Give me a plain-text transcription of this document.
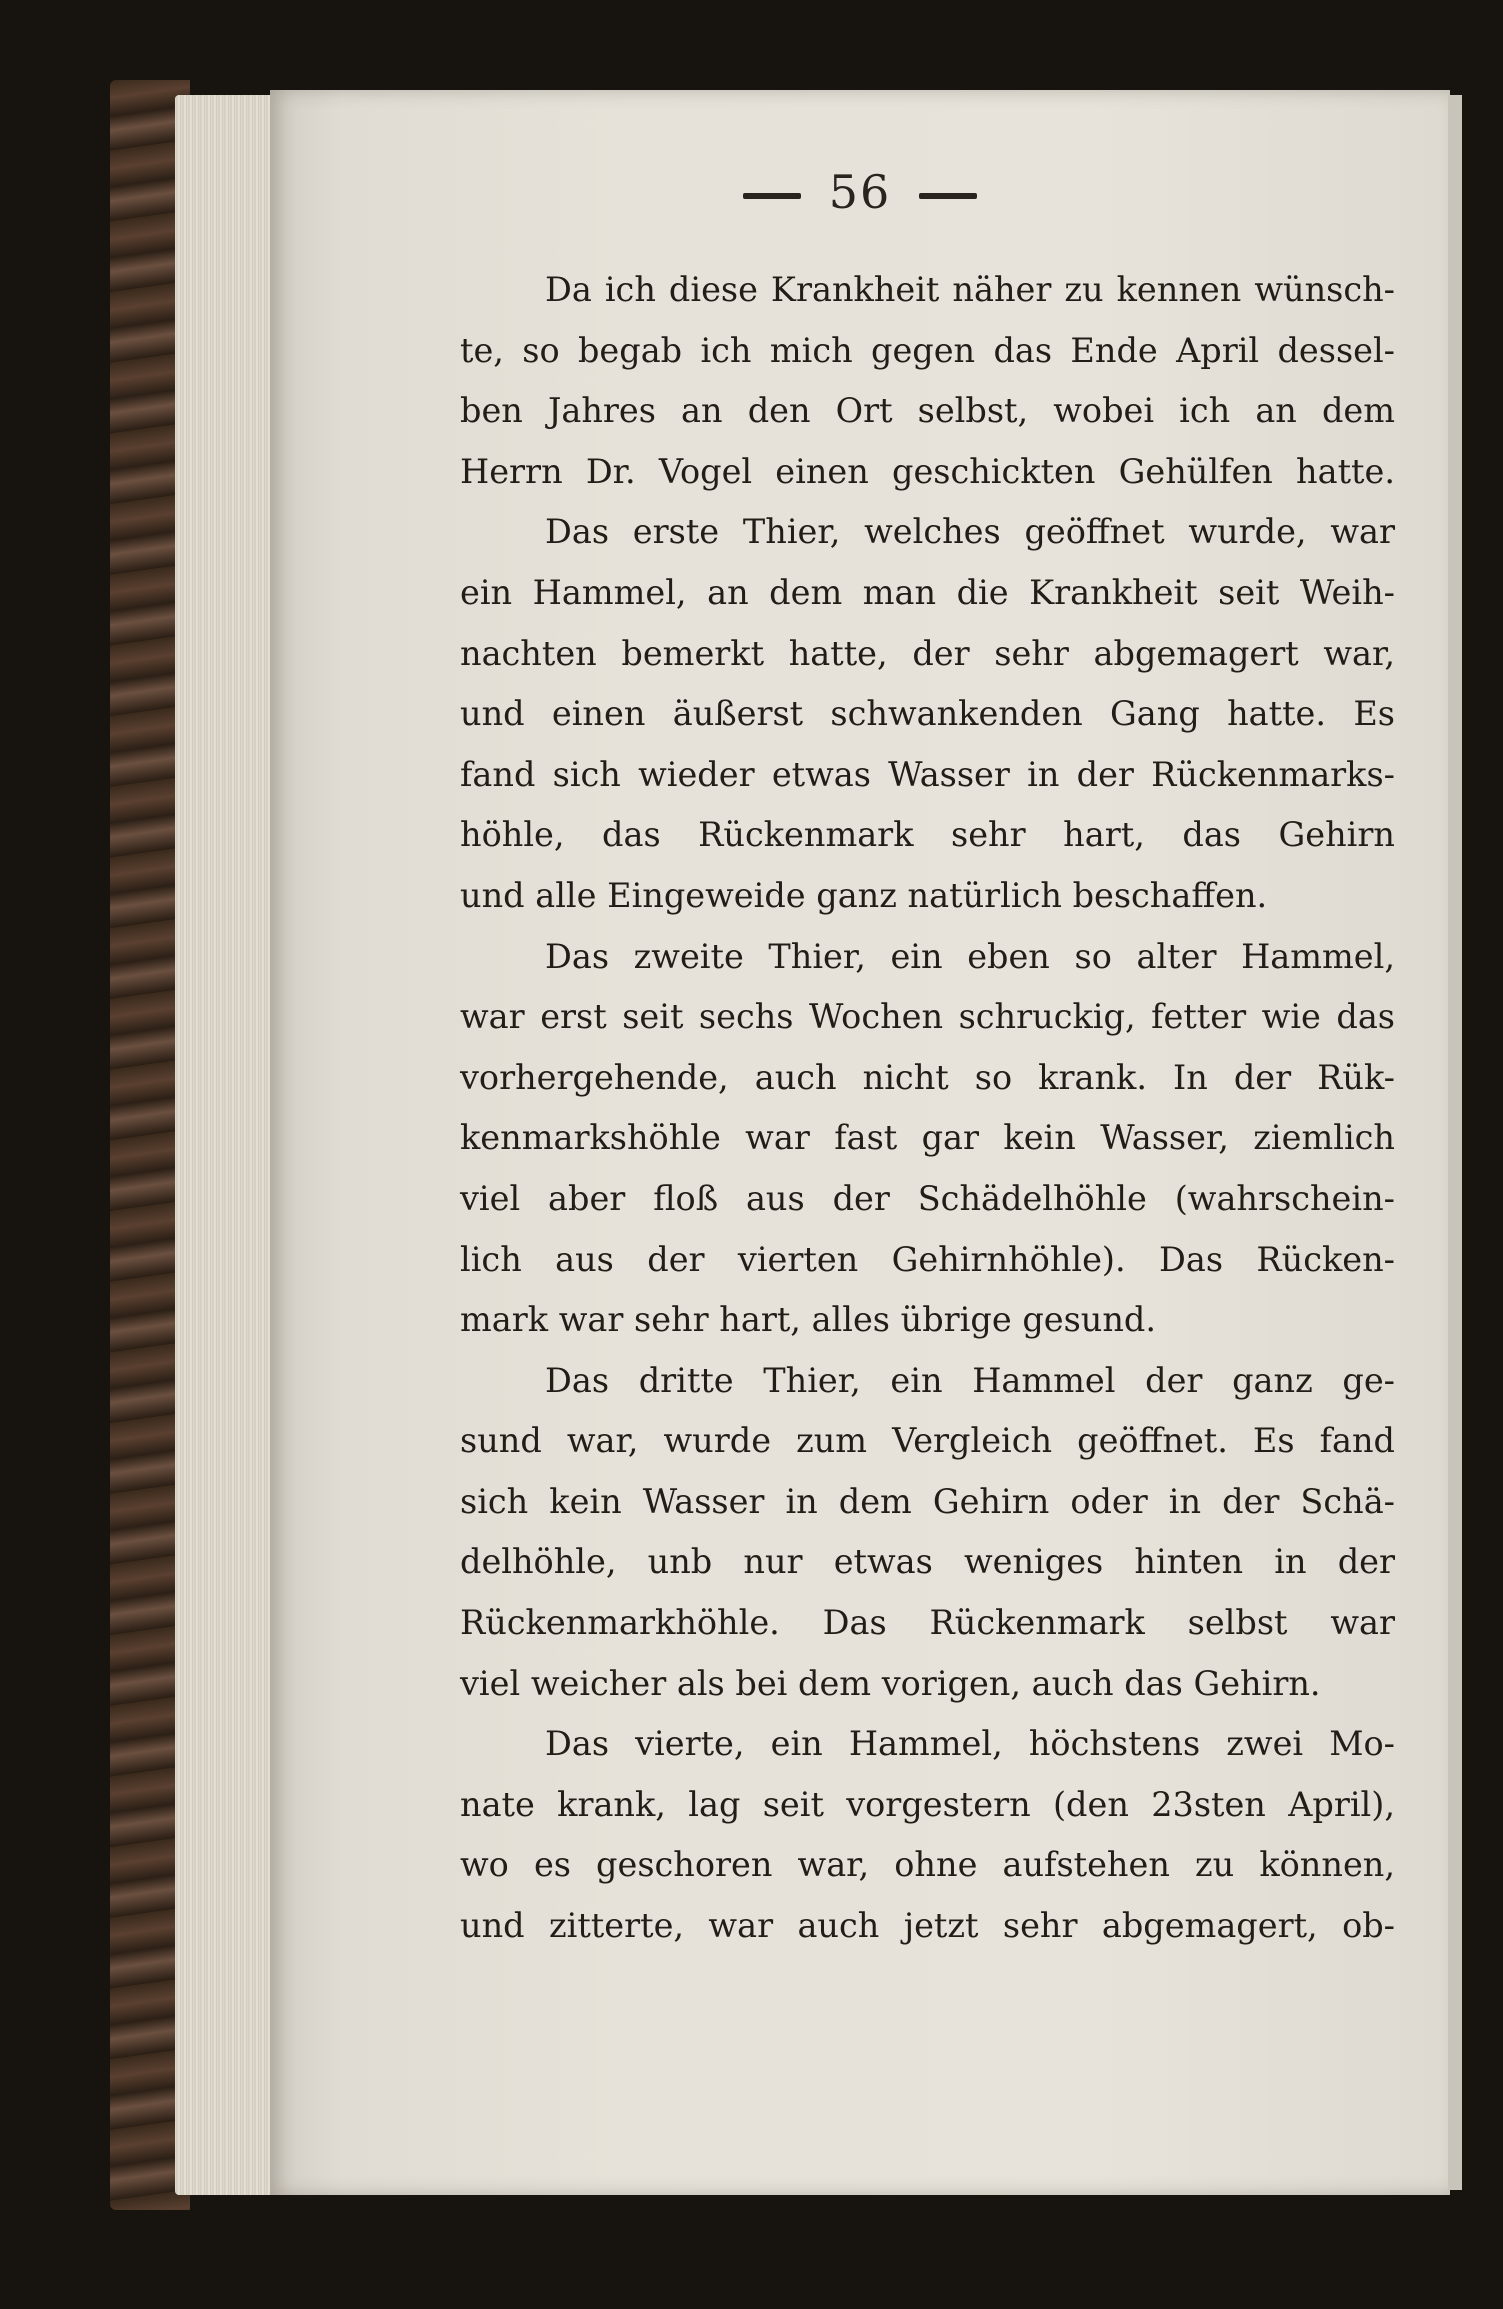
56
Da ich diese Krankheit näher zu kennen wünsch-
te, so begab ich mich gegen das Ende April dessel-
ben Jahres an den Ort selbst, wobei ich an dem
Herrn Dr. Vogel einen geschickten Gehülfen hatte.
Das erste Thier, welches geöffnet wurde, war
ein Hammel, an dem man die Krankheit seit Weih-
nachten bemerkt hatte, der sehr abgemagert war,
und einen äußerst schwankenden Gang hatte. Es
fand sich wieder etwas Wasser in der Rückenmarks-
höhle, das Rückenmark sehr hart, das Gehirn
und alle Eingeweide ganz natürlich beschaffen.
Das zweite Thier, ein eben so alter Hammel,
war erst seit sechs Wochen schruckig, fetter wie das
vorhergehende, auch nicht so krank. In der Rük-
kenmarkshöhle war fast gar kein Wasser, ziemlich
viel aber floß aus der Schädelhöhle (wahrschein-
lich aus der vierten Gehirnhöhle). Das Rücken-
mark war sehr hart, alles übrige gesund.
Das dritte Thier, ein Hammel der ganz ge-
sund war, wurde zum Vergleich geöffnet. Es fand
sich kein Wasser in dem Gehirn oder in der Schä-
delhöhle, unb nur etwas weniges hinten in der
Rückenmarkhöhle. Das Rückenmark selbst war
viel weicher als bei dem vorigen, auch das Gehirn.
Das vierte, ein Hammel, höchstens zwei Mo-
nate krank, lag seit vorgestern (den 23sten April),
wo es geschoren war, ohne aufstehen zu können,
und zitterte, war auch jetzt sehr abgemagert, ob-
